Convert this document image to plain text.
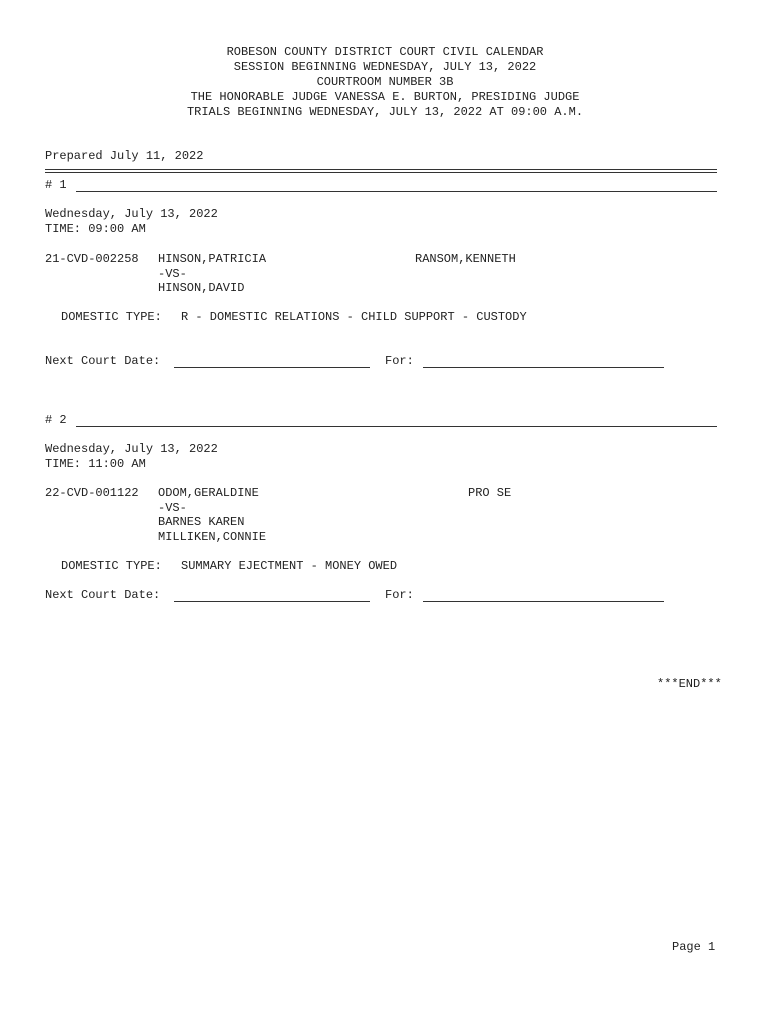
ROBESON COUNTY DISTRICT COURT CIVIL CALENDAR
SESSION BEGINNING WEDNESDAY, JULY 13, 2022
COURTROOM NUMBER 3B
THE HONORABLE JUDGE VANESSA E. BURTON, PRESIDING JUDGE
TRIALS BEGINNING WEDNESDAY, JULY 13, 2022 AT 09:00 A.M.
Prepared July 11, 2022
# 1
Wednesday, July 13, 2022
TIME: 09:00 AM
21-CVD-002258 HINSON,PATRICIA	RANSOM,KENNETH
-VS-
HINSON,DAVID
DOMESTIC TYPE: R - DOMESTIC RELATIONS - CHILD SUPPORT - CUSTODY
Next Court Date:	For:
# 2
Wednesday, July 13, 2022
TIME: 11:00 AM
22-CVD-001122 ODOM,GERALDINE	PRO SE
-VS-
BARNES KAREN
MILLIKEN,CONNIE
DOMESTIC TYPE: SUMMARY EJECTMENT - MONEY OWED
Next Court Date:	For:
***END***
Page 1
